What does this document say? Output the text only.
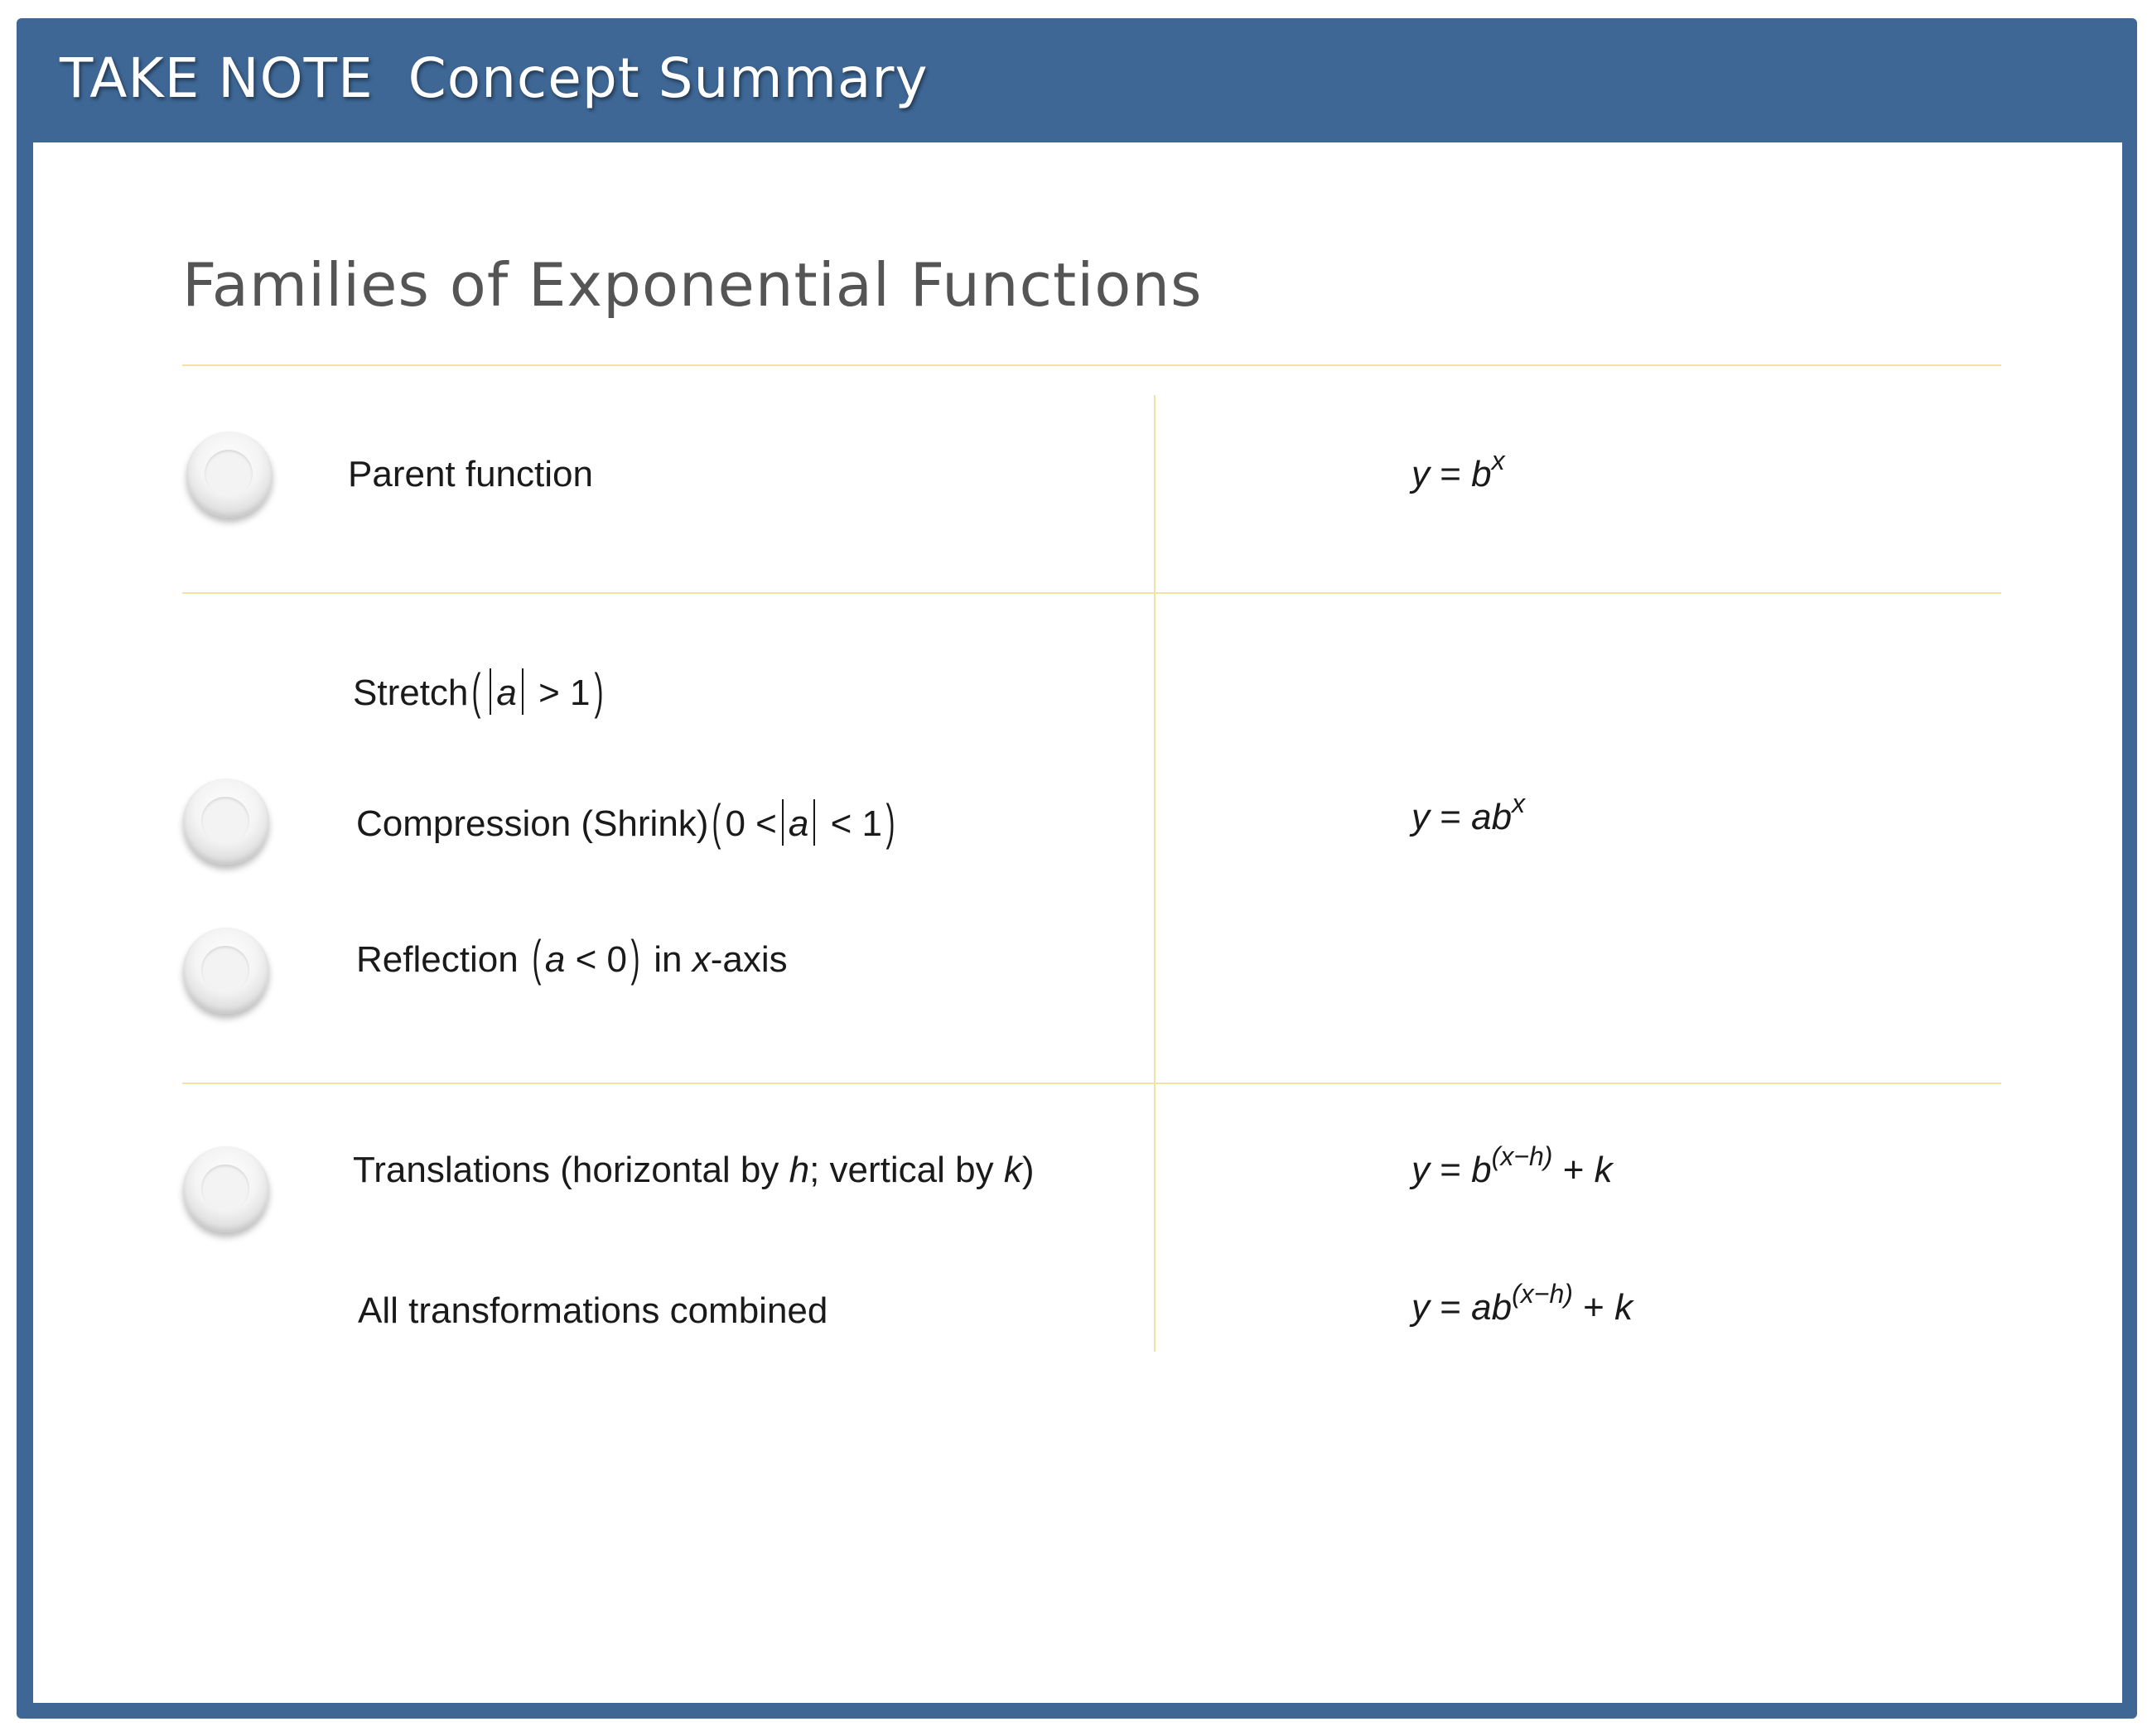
TAKE NOTE Concept Summary
Families of Exponential Functions
Parent function	$y = b^x$
Stretch( a > 1)
Compression (Shrink)( 0 < a < 1)	$y = ab^x$
Reflection ( a < 0) in x-axis
Translations (horizontal by h; vertical by k)	$y = b^{(x-h)} + k$
All transformations combined	$y = ab^{(x-h)} + k$
